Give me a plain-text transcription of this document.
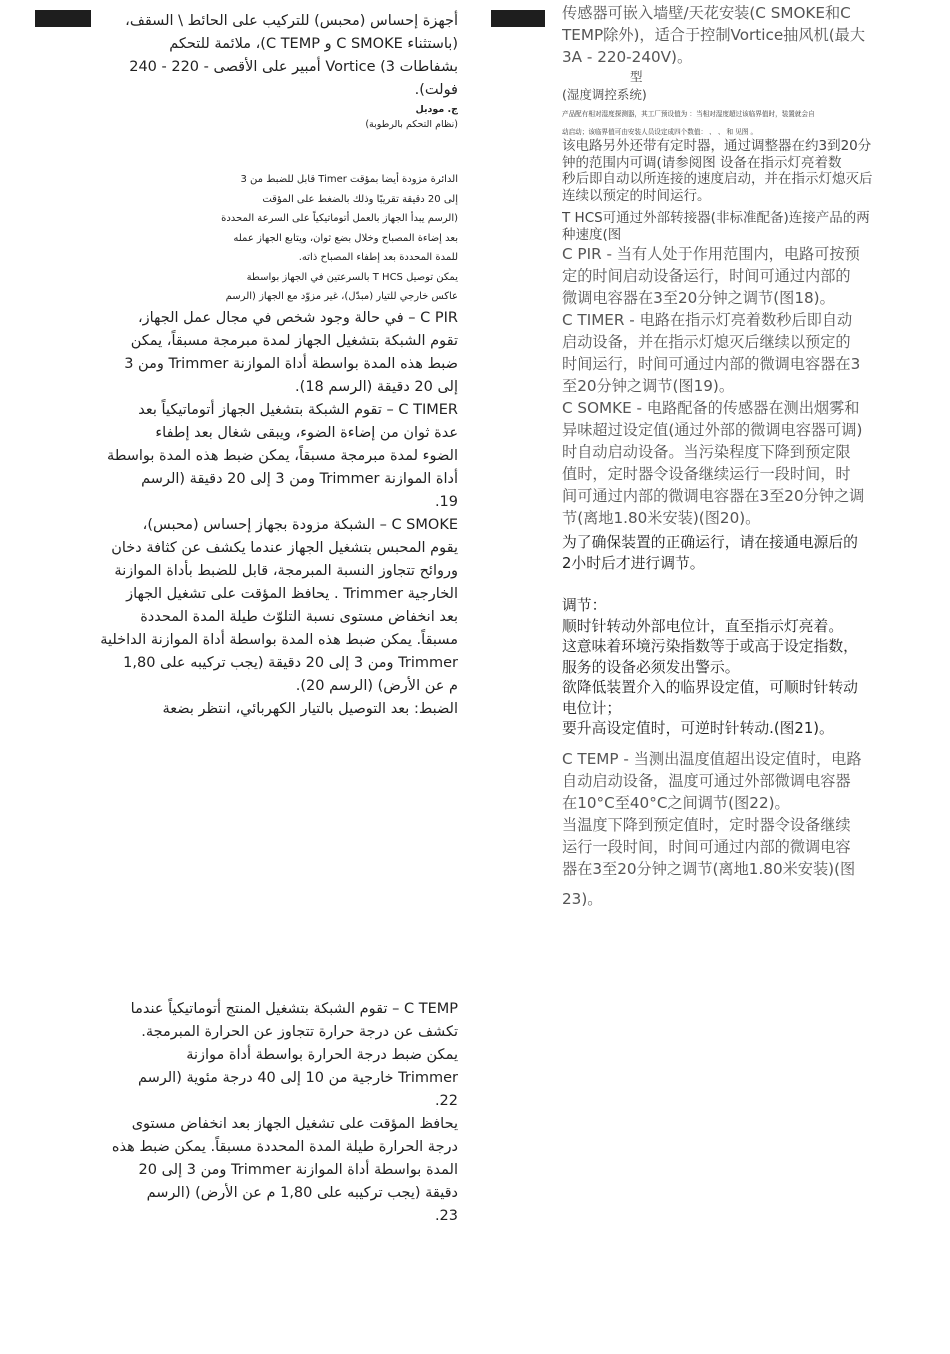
أجهزة إحساس (محبس) للتركيب على الحائط \ السقف،

(باستثناء C SMOKE و C TEMP)، ملائمة للتحكم

بشفاطات Vortice (3 أمبير على الأقصى - 220 - 240

فولت).

ج. موديل

(نظام التحكم بالرطوبة)

الدائرة مزودة أيضا بمؤقت Timer قابل للضبط من 3

إلى 20 دقيقة تقريبًا وذلك بالضغط على المؤقت

(الرسم يبدأ الجهاز بالعمل أتوماتيكياً على السرعة المحددة

بعد إضاءة المصباح وخلال بضع ثوان، ويتابع الجهاز عمله

للمدة المحددة بعد إطفاء المصباح ذاته.

يمكن توصيل T HCS بالسرعتين في الجهاز بواسطة

عاكس خارجي للتيار (مبدّل)، غير مزوّد مع الجهاز (الرسم

C PIR – في حالة وجود شخص في مجال عمل الجهاز،

تقوم الشبكة بتشغيل الجهاز لمدة مبرمجة مسبقاً، يمكن

ضبط هذه المدة بواسطة أداة الموازنة Trimmer ومن 3

إلى 20 دقيقة (الرسم 18).

C TIMER – تقوم الشبكة بتشغيل الجهاز أتوماتيكياً بعد

عدة ثوان من إضاءة الضوء، ويبقى شغال بعد إطفاء

الضوء لمدة مبرمجة مسبقاً، يمكن ضبط هذه المدة بواسطة

أداة الموازنة Trimmer ومن 3 إلى 20 دقيقة (الرسم

19.

C SMOKE – الشبكة مزودة بجهاز إحساس (محبس)،

يقوم المحبس بتشغيل الجهاز عندما يكشف عن كثافة دخان

وروائح تتجاوز النسبة المبرمجة، قابل للضبط بأداة الموازنة

الخارجية Trimmer . يحافظ المؤقت على تشغيل الجهاز

بعد انخفاض مستوى نسبة التلوّث طيلة المدة المحددة

مسبقاً. يمكن ضبط هذه المدة بواسطة أداة الموازنة الداخلية

Trimmer ومن 3 إلى 20 دقيقة (يجب تركيبه على 1,80

م عن الأرض) (الرسم 20).

الضبط: بعد التوصيل بالتيار الكهربائي، انتظر بضعة

C TEMP – تقوم الشبكة بتشغيل المنتج أتوماتيكياً عندما

تكشف عن درجة حرارة تتجاوز عن الحرارة المبرمجة.

يمكن ضبط درجة الحرارة بواسطة أداة موازنة

Trimmer خارجية من 10 إلى 40 درجة مئوية (الرسم

22.

يحافظ المؤقت على تشغيل الجهاز بعد انخفاض مستوى

درجة الحرارة طيلة المدة المحددة مسبقاً. يمكن ضبط هذه

المدة بواسطة أداة الموازنة Trimmer ومن 3 إلى 20

دقيقة (يجب تركيبه على 1,80 م عن الأرض) (الرسم

23.

传感器可嵌入墙壁/天花安装(C SMOKE和C

TEMP除外)，适合于控制Vortice抽风机(最大

3A - 220-240V)。

型

(湿度调控系统)

产品配有相对湿度探测器，其工厂预设值为 ：当相对湿度超过该临界值时，装置就会自

动启动；该临界值可由安装人员设定成四个数值： 、 、 和 见图 。

该电路另外还带有定时器，通过调整器在约3到20分

钟的范围内可调(请参阅图 设备在指示灯亮着数

秒后即自动以所连接的速度启动，并在指示灯熄灭后

连续以预定的时间运行。

T HCS可通过外部转接器(非标准配备)连接产品的两

种速度(图

C PIR - 当有人处于作用范围内，电路可按预

定的时间启动设备运行，时间可通过内部的

微调电容器在3至20分钟之调节(图18)。

C TIMER - 电路在指示灯亮着数秒后即自动

启动设备，并在指示灯熄灭后继续以预定的

时间运行，时间可通过内部的微调电容器在3

至20分钟之调节(图19)。

C SOMKE - 电路配备的传感器在测出烟雾和

异味超过设定值(通过外部的微调电容器可调)

时自动启动设备。当污染程度下降到预定限

值时，定时器令设备继续运行一段时间，时

间可通过内部的微调电容器在3至20分钟之调

节(离地1.80米安装)(图20)。

为了确保装置的正确运行，请在接通电源后的

2小时后才进行调节。

调节：

顺时针转动外部电位计，直至指示灯亮着。

这意味着环境污染指数等于或高于设定指数，

服务的设备必须发出警示。

欲降低装置介入的临界设定值，可顺时针转动

电位计；

要升高设定值时，可逆时针转动.(图21)。

C TEMP - 当测出温度值超出设定值时，电路

自动启动设备，温度可通过外部微调电容器

在10°C至40°C之间调节(图22)。

当温度下降到预定值时，定时器令设备继续

运行一段时间，时间可通过内部的微调电容

器在3至20分钟之调节(离地1.80米安装)(图

23)。
